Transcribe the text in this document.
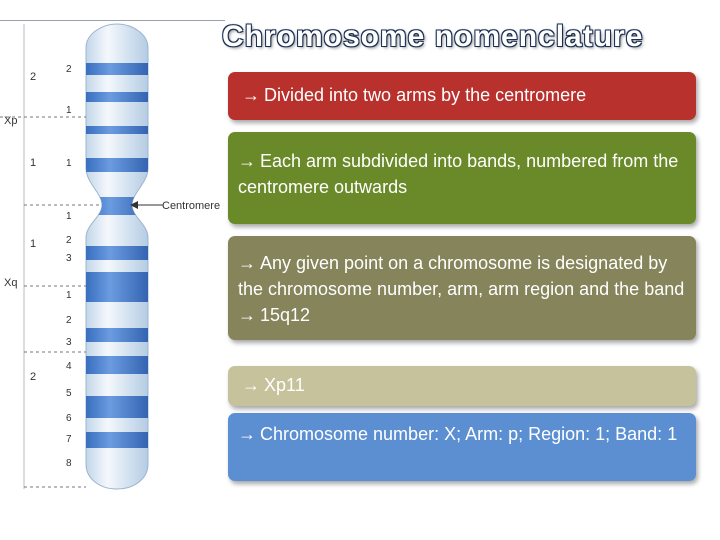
Chromosome nomenclature
Centromere
Xp
Xq
2
1
1
2
2
1
1
1
2
3
1
2
3
4
5
6
7
8
→ Divided into two arms by the centromere
→ Each arm subdivided into bands, numbered from the centromere outwards
→ Any given point on a chromosome is designated by the chromosome number, arm, arm region and the band → 15q12
→ Xp11
→ Chromosome number: X; Arm: p; Region: 1; Band: 1
